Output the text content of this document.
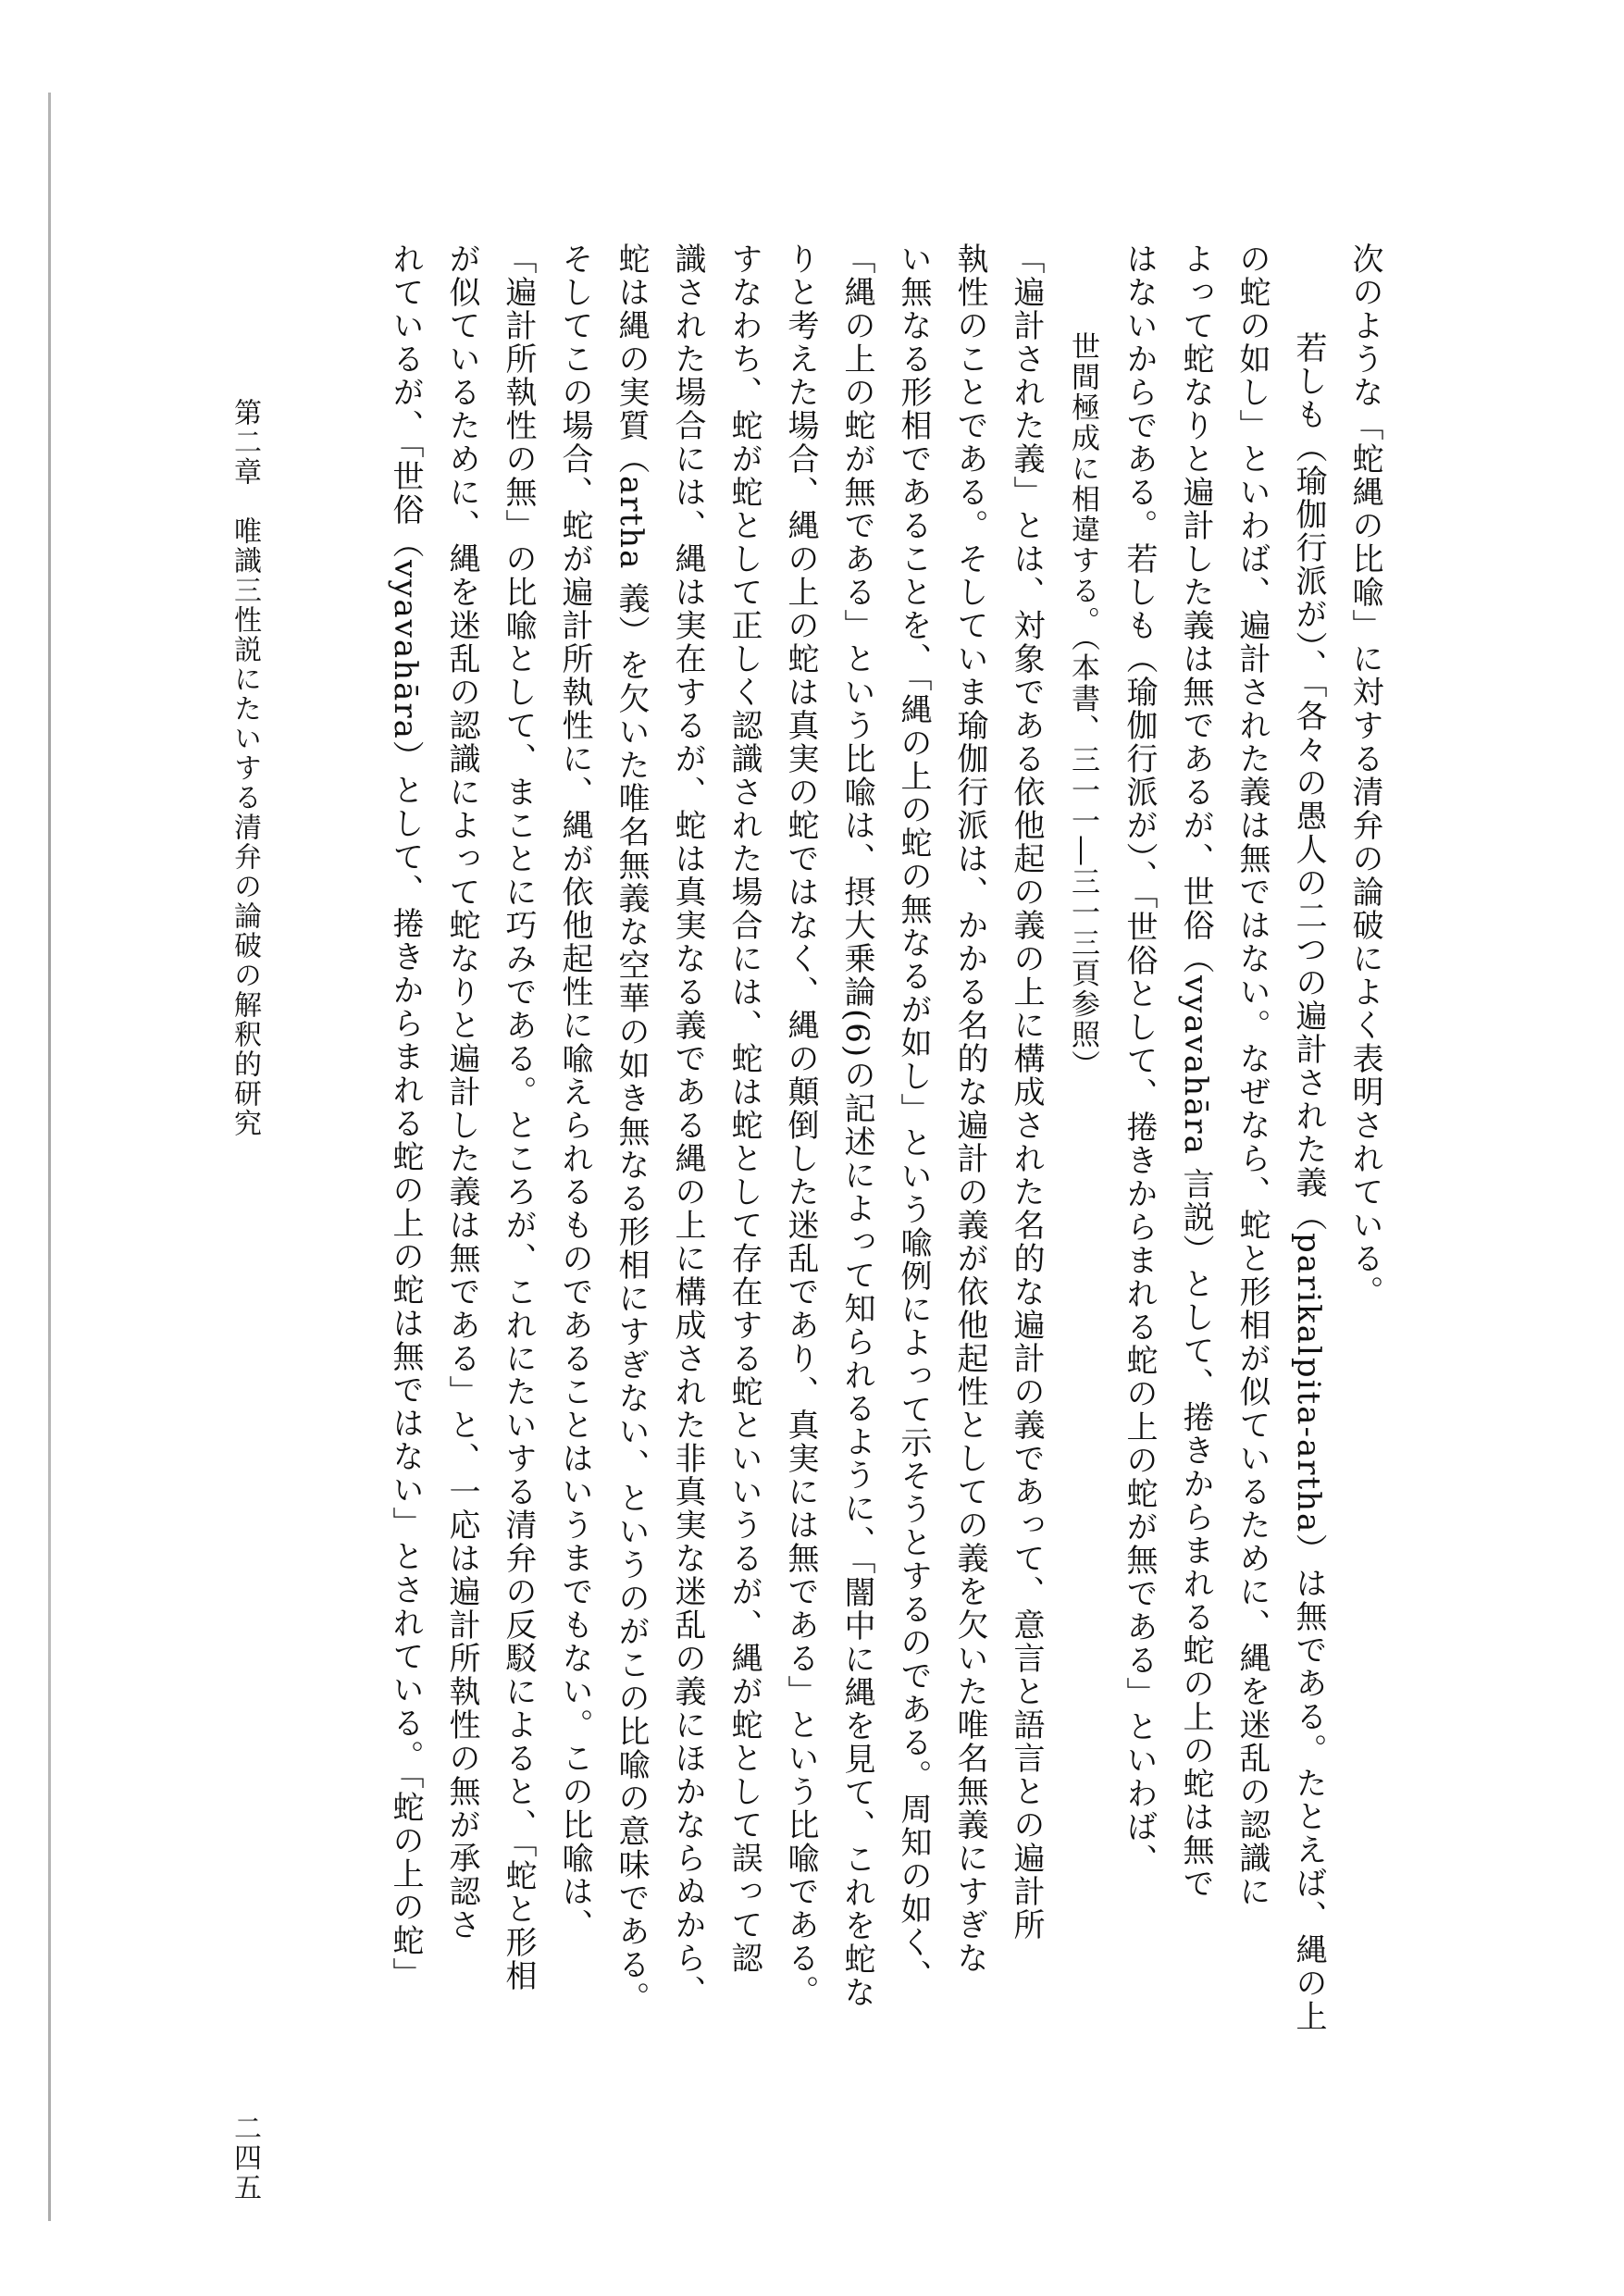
次のような「蛇縄の比喩」に対する清弁の論破によく表明されている。

若しも（瑜伽行派が）、「各々の愚人の二つの遍計された義（parikalpita-artha）は無である。たとえば、縄の上

の蛇の如し」といわば、遍計された義は無ではない。なぜなら、蛇と形相が似ているために、縄を迷乱の認識に

よって蛇なりと遍計した義は無であるが、世俗（vyavahāra 言説）として、捲きからまれる蛇の上の蛇は無で

はないからである。若しも（瑜伽行派が）、「世俗として、捲きからまれる蛇の上の蛇が無である」といわば、

世間極成に相違する。（本書、三一一―三一三頁参照）

「遍計された義」とは、対象である依他起の義の上に構成された名的な遍計の義であって、意言と語言との遍計所

執性のことである。そしていま瑜伽行派は、かかる名的な遍計の義が依他起性としての義を欠いた唯名無義にすぎな

い無なる形相であることを、「縄の上の蛇の無なるが如し」という喩例によって示そうとするのである。周知の如く、

「縄の上の蛇が無である」という比喩は、摂大乗論(6)の記述によって知られるように、「闇中に縄を見て、これを蛇な

りと考えた場合、縄の上の蛇は真実の蛇ではなく、縄の顛倒した迷乱であり、真実には無である」という比喩である。

すなわち、蛇が蛇として正しく認識された場合には、蛇は蛇として存在する蛇といいうるが、縄が蛇として誤って認

識された場合には、縄は実在するが、蛇は真実なる義である縄の上に構成された非真実な迷乱の義にほかならぬから、

蛇は縄の実質（artha 義）を欠いた唯名無義な空華の如き無なる形相にすぎない、というのがこの比喩の意味である。

そしてこの場合、蛇が遍計所執性に、縄が依他起性に喩えられるものであることはいうまでもない。この比喩は、

「遍計所執性の無」の比喩として、まことに巧みである。ところが、これにたいする清弁の反駁によると、「蛇と形相

が似ているために、縄を迷乱の認識によって蛇なりと遍計した義は無である」と、一応は遍計所執性の無が承認さ

れているが、「世俗（vyavahāra）として、捲きからまれる蛇の上の蛇は無ではない」とされている。「蛇の上の蛇」

第二章　唯識三性説にたいする清弁の論破の解釈的研究
二四五
